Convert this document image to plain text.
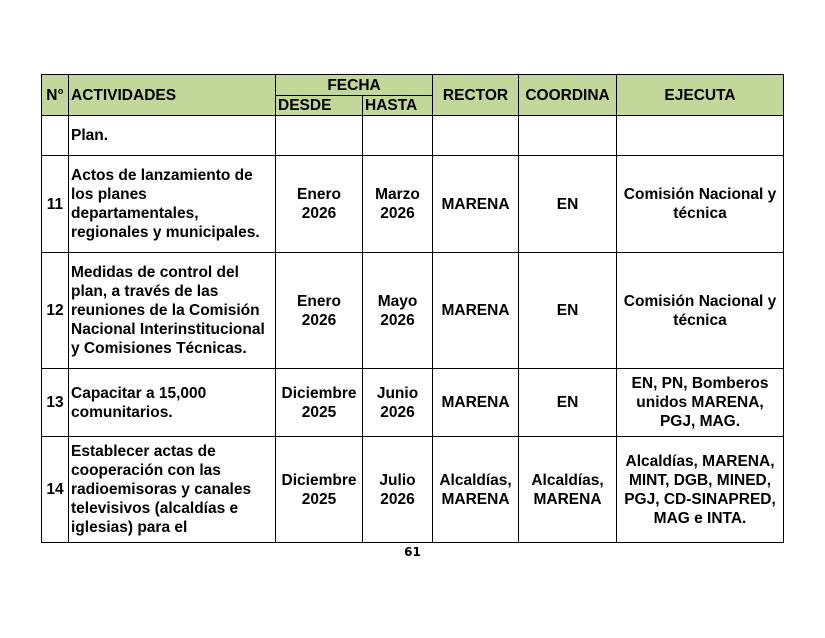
N°	ACTIVIDADES	FECHA		RECTOR	COORDINA	EJECUTA
		DESDE	HASTA			
	Plan.					
11	Actos de lanzamiento de los planes departamentales, regionales y municipales.	Enero 2026	Marzo 2026	MARENA	EN	Comisión Nacional y técnica
12	Medidas de control del plan, a través de las reuniones de la Comisión Nacional Interinstitucional y Comisiones Técnicas.	Enero 2026	Mayo 2026	MARENA	EN	Comisión Nacional y técnica
13	Capacitar a 15,000 comunitarios.	Diciembre 2025	Junio 2026	MARENA	EN	EN, PN, Bomberos unidos MARENA, PGJ, MAG.
14	Establecer actas de cooperación con las radioemisoras y canales televisivos (alcaldías e iglesias) para el	Diciembre 2025	Julio 2026	Alcaldías, MARENA	Alcaldías, MARENA	Alcaldías, MARENA, MINT, DGB, MINED, PGJ, CD-SINAPRED, MAG e INTA.
61
